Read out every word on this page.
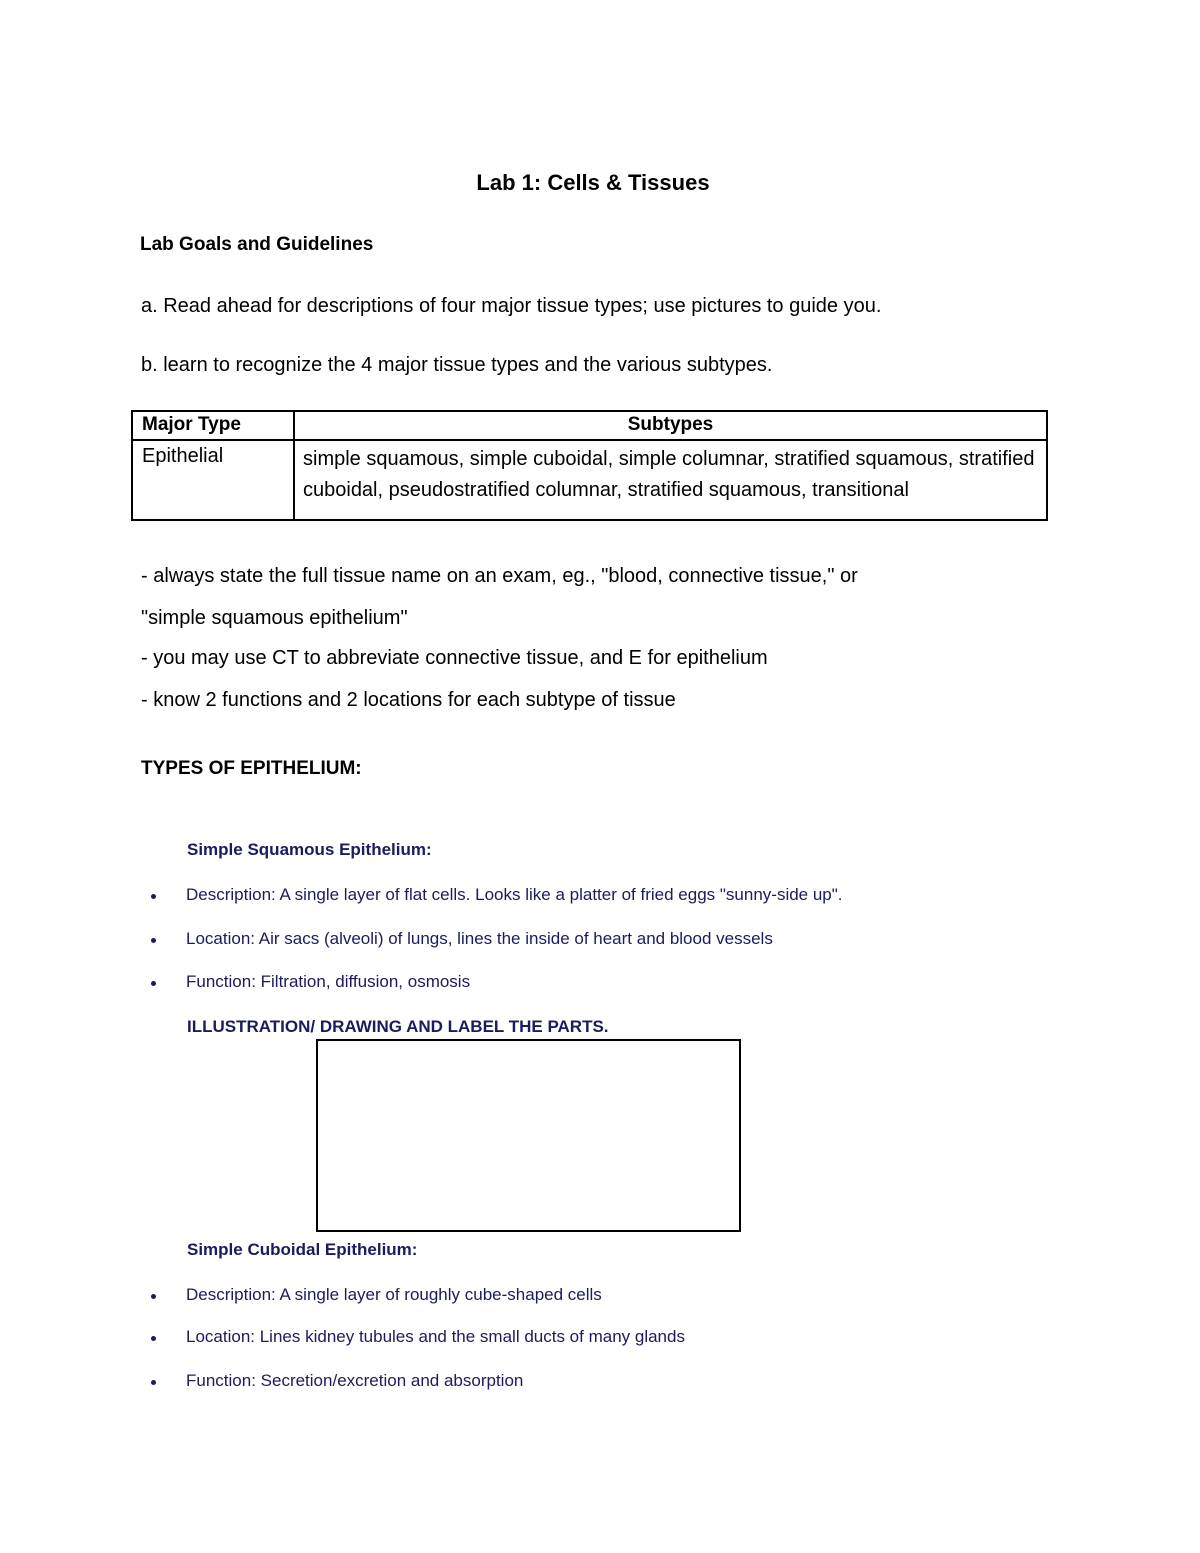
Lab 1: Cells & Tissues
Lab Goals and Guidelines

a. Read ahead for descriptions of four major tissue types; use pictures to guide you.

b. learn to recognize the 4 major tissue types and the various subtypes.

Major Type	Subtypes
Epithelial	simple squamous, simple cuboidal, simple columnar, stratified squamous, stratified cuboidal, pseudostratified columnar, stratified squamous, transitional

- always state the full tissue name on an exam, eg., "blood, connective tissue," or

"simple squamous epithelium"

- you may use CT to abbreviate connective tissue, and E for epithelium

- know 2 functions and 2 locations for each subtype of tissue

TYPES OF EPITHELIUM:
Simple Squamous Epithelium:

Description: A single layer of flat cells. Looks like a platter of fried eggs "sunny-side up".

Location: Air sacs (alveoli) of lungs, lines the inside of heart and blood vessels

Function: Filtration, diffusion, osmosis

ILLUSTRATION/ DRAWING AND LABEL THE PARTS.

Simple Cuboidal Epithelium:

Description: A single layer of roughly cube-shaped cells

Location: Lines kidney tubules and the small ducts of many glands

Function: Secretion/excretion and absorption
